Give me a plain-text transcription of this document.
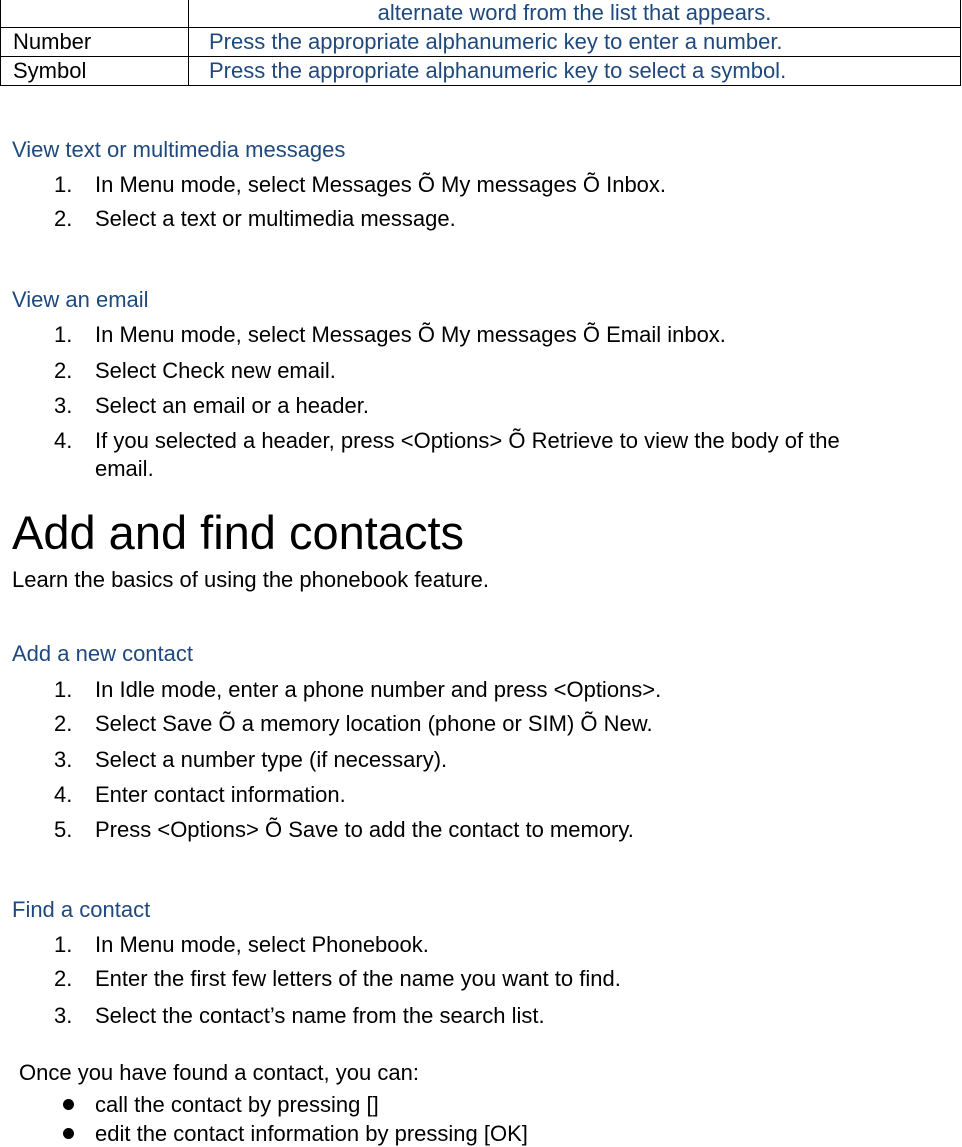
	alternate word from the list that appears.
Number	Press the appropriate alphanumeric key to enter a number.
Symbol	Press the appropriate alphanumeric key to select a symbol.
View text or multimedia messages
1. In Menu mode, select Messages Õ My messages Õ Inbox.
2. Select a text or multimedia message.
View an email
1. In Menu mode, select Messages Õ My messages Õ Email inbox.
2. Select Check new email.
3. Select an email or a header.
4. If you selected a header, press <Options> Õ Retrieve to view the body of the
email.
Add and find contacts
Learn the basics of using the phonebook feature.
Add a new contact
1. In Idle mode, enter a phone number and press <Options>.
2. Select Save Õ a memory location (phone or SIM) Õ New.
3. Select a number type (if necessary).
4. Enter contact information.
5. Press <Options> Õ Save to add the contact to memory.
Find a contact
1. In Menu mode, select Phonebook.
2. Enter the first few letters of the name you want to find.
3. Select the contact’s name from the search list.
Once you have found a contact, you can:
call the contact by pressing []
edit the contact information by pressing [OK]
